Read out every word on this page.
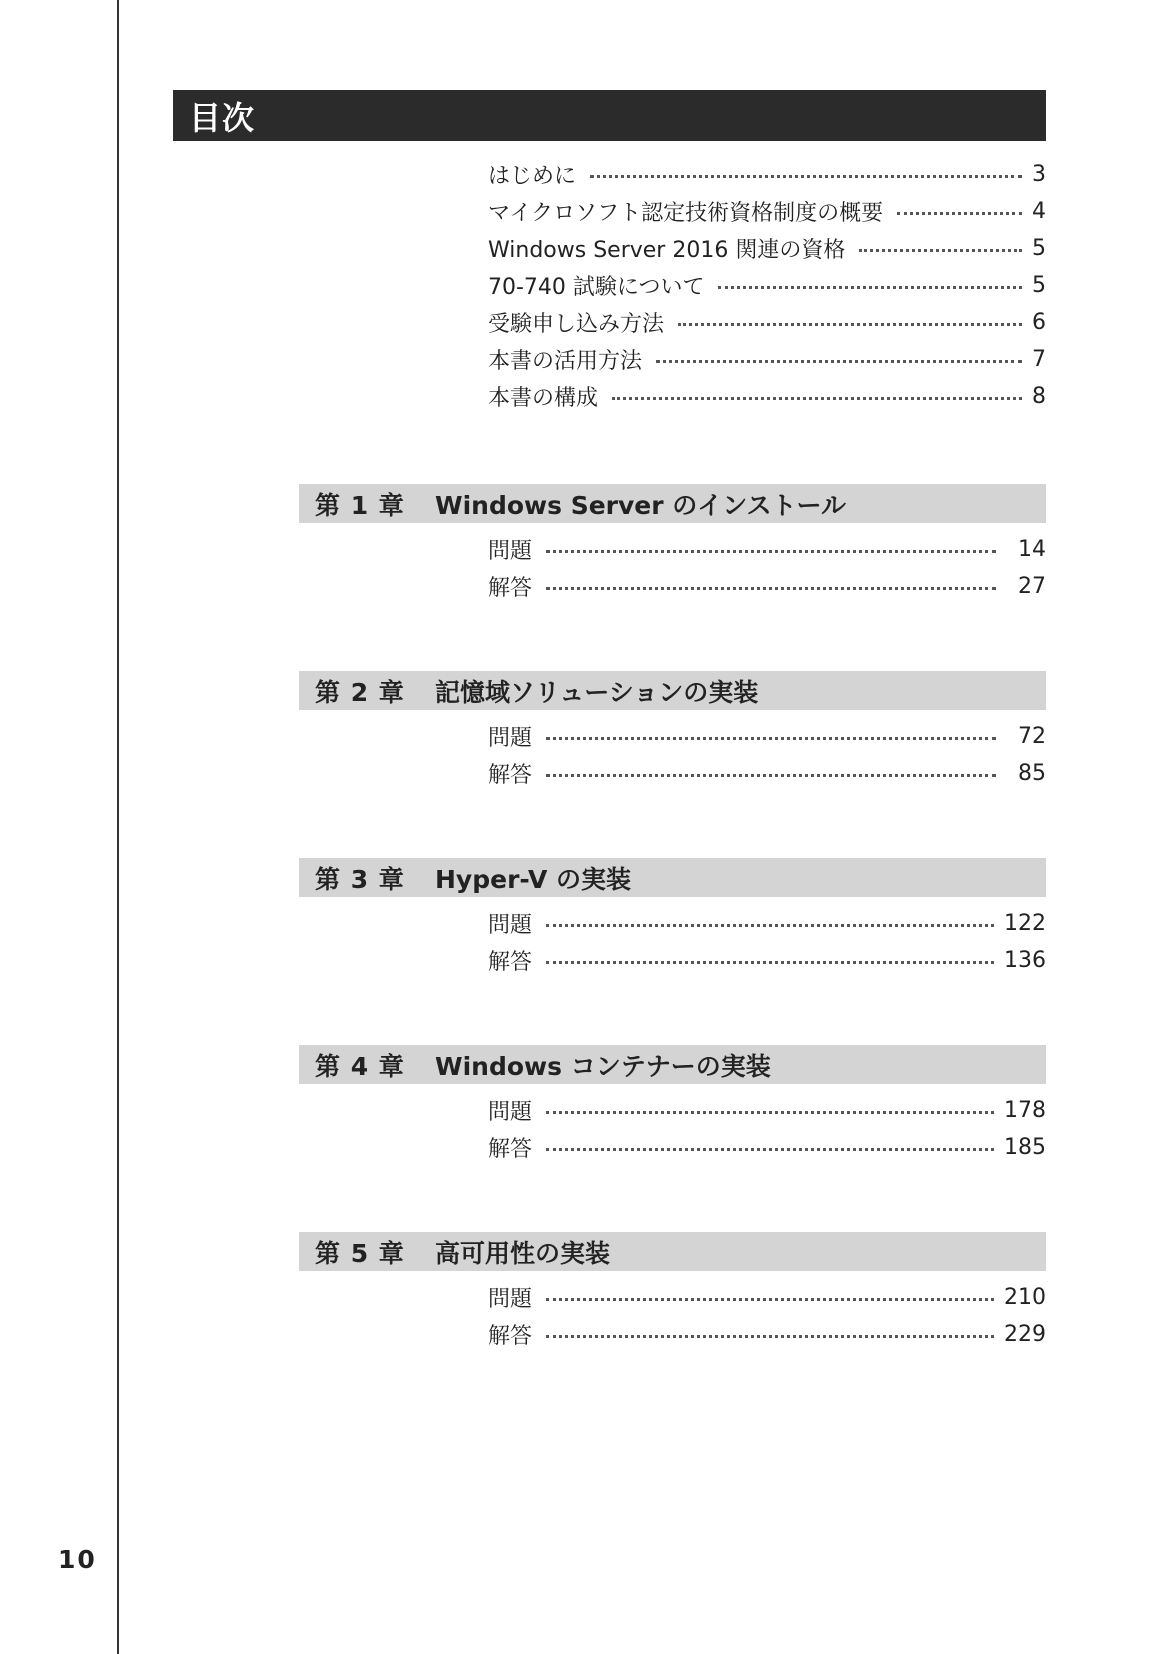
目次
はじめに	3
マイクロソフト認定技術資格制度の概要	4
Windows Server 2016 関連の資格	5
70-740 試験について	5
受験申し込み方法	6
本書の活用方法	7
本書の構成	8
第 1 章	Windows Server のインストール
問題	14
解答	27
第 2 章	記憶域ソリューションの実装
問題	72
解答	85
第 3 章	Hyper-V の実装
問題	122
解答	136
第 4 章	Windows コンテナーの実装
問題	178
解答	185
第 5 章	高可用性の実装
問題	210
解答	229
10
